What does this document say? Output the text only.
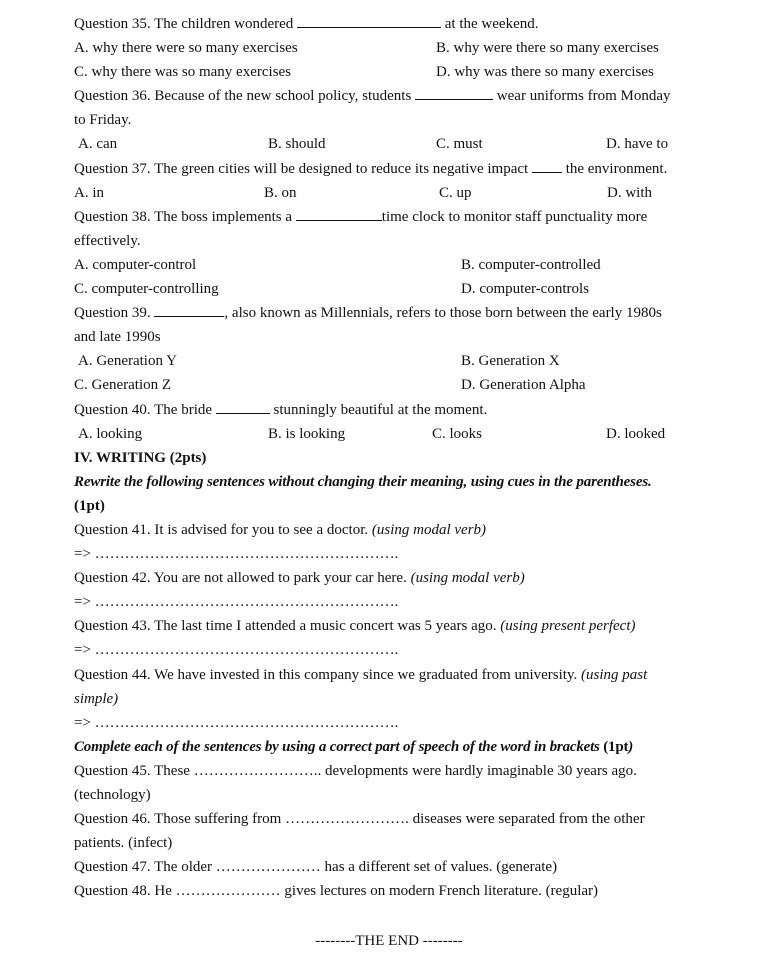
Question 35. The children wondered	at the weekend.
A. why there were so many exercises	B. why were there so many exercises
C. why there was so many exercises	D. why was there so many exercises
Question 36. Because of the new school policy, students	wear uniforms from Monday
to Friday.
A. can	B. should	C. must	D. have to
Question 37. The green cities will be designed to reduce its negative impact	the environment.
A. in	B. on	C. up	D. with
Question 38. The boss implements a	time clock to monitor staff punctuality more
effectively.
A. computer-control	B. computer-controlled
C. computer-controlling	D. computer-controls
Question 39.	, also known as Millennials, refers to those born between the early 1980s
and late 1990s
A. Generation Y	B. Generation X
C. Generation Z	D. Generation Alpha
Question 40. The bride	stunningly beautiful at the moment.
A. looking	B. is looking	C. looks	D. looked
IV. WRITING (2pts)
Rewrite the following sentences without changing their meaning, using cues in the parentheses.
(1pt)
Question 41. It is advised for you to see a doctor. (using modal verb)
=> …………………………………………………….
Question 42. You are not allowed to park your car here. (using modal verb)
=> …………………………………………………….
Question 43. The last time I attended a music concert was 5 years ago. (using present perfect)
=> …………………………………………………….
Question 44. We have invested in this company since we graduated from university. (using past
simple)
=> …………………………………………………….
Complete each of the sentences by using a correct part of speech of the word in brackets (1pt)
Question 45. These …………………….. developments were hardly imaginable 30 years ago.
(technology)
Question 46. Those suffering from ……………………. diseases were separated from the other
patients. (infect)
Question 47. The older ………………… has a different set of values. (generate)
Question 48. He ………………… gives lectures on modern French literature. (regular)
--------THE END --------
